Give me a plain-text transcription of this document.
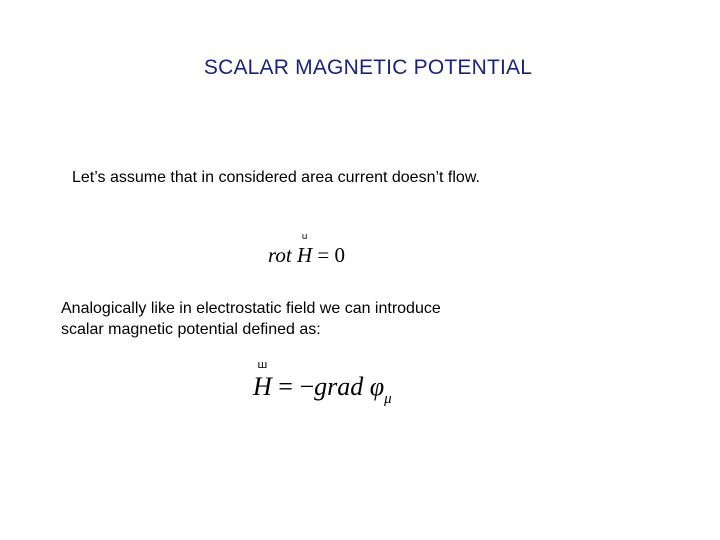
SCALAR MAGNETIC POTENTIAL
Let’s assume that in considered area current doesn’t flow.
rot
u
H = 0
Analogically like in electrostatic field we can introduce
scalar magnetic potential defined as:
ш
H = −grad $\varphi_\mu$
